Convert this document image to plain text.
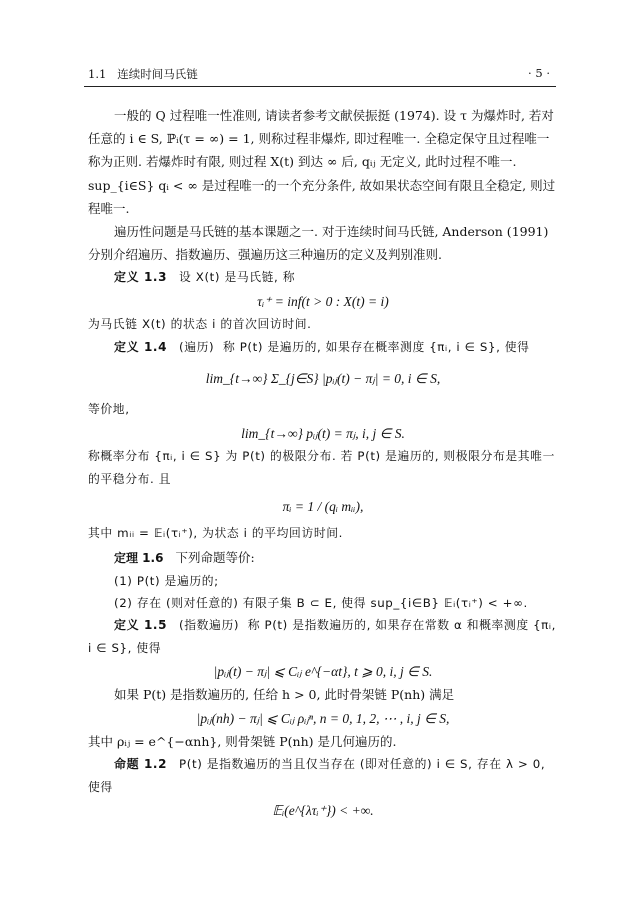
1.1   连续时间马氏链	· 5 ·

一般的 Q 过程唯一性准则, 请读者参考文献侯振挺 (1974). 设 τ 为爆炸时, 若对任意的 i ∈ S, ℙᵢ(τ = ∞) = 1, 则称过程非爆炸, 即过程唯一. 全稳定保守且过程唯一称为正则. 若爆炸时有限, 则过程 X(t) 到达 ∞ 后, qᵢⱼ 无定义, 此时过程不唯一. sup_{i∈S} qᵢ < ∞ 是过程唯一的一个充分条件, 故如果状态空间有限且全稳定, 则过程唯一.

遍历性问题是马氏链的基本课题之一. 对于连续时间马氏链, Anderson (1991) 分别介绍遍历、指数遍历、强遍历这三种遍历的定义及判别准则.

定义 1.3 设 X(t) 是马氏链, 称

τᵢ⁺ = inf(t > 0 : X(t) = i)

为马氏链 X(t) 的状态 i 的首次回访时间.

定义 1.4 (遍历) 称 P(t) 是遍历的, 如果存在概率测度 {πᵢ, i ∈ S}, 使得

lim_{t→∞} Σ_{j∈S} |pᵢⱼ(t) − πⱼ| = 0, i ∈ S,

等价地,

lim_{t→∞} pᵢⱼ(t) = πⱼ, i, j ∈ S.

称概率分布 {πᵢ, i ∈ S} 为 P(t) 的极限分布. 若 P(t) 是遍历的, 则极限分布是其唯一的平稳分布. 且

πᵢ = 1 / (qᵢ mᵢᵢ),

其中 mᵢᵢ = 𝔼ᵢ(τᵢ⁺), 为状态 i 的平均回访时间.

定理 1.6 下列命题等价:

(1) P(t) 是遍历的;

(2) 存在 (则对任意的) 有限子集 B ⊂ E, 使得 sup_{i∈B} 𝔼ᵢ(τᵢ⁺) < +∞.

定义 1.5 (指数遍历) 称 P(t) 是指数遍历的, 如果存在常数 α 和概率测度 {πᵢ, i ∈ S}, 使得

|pᵢⱼ(t) − πⱼ| ⩽ Cᵢⱼ e^{−αt}, t ⩾ 0, i, j ∈ S.

如果 P(t) 是指数遍历的, 任给 h > 0, 此时骨架链 P(nh) 满足

|pᵢⱼ(nh) − πⱼ| ⩽ Cᵢⱼ ρᵢⱼⁿ, n = 0, 1, 2, ⋯ , i, j ∈ S,

其中 ρᵢⱼ = e^{−αnh}, 则骨架链 P(nh) 是几何遍历的.

命题 1.2 P(t) 是指数遍历的当且仅当存在 (即对任意的) i ∈ S, 存在 λ > 0, 使得

𝔼ᵢ(e^{λτᵢ⁺}) < +∞.
